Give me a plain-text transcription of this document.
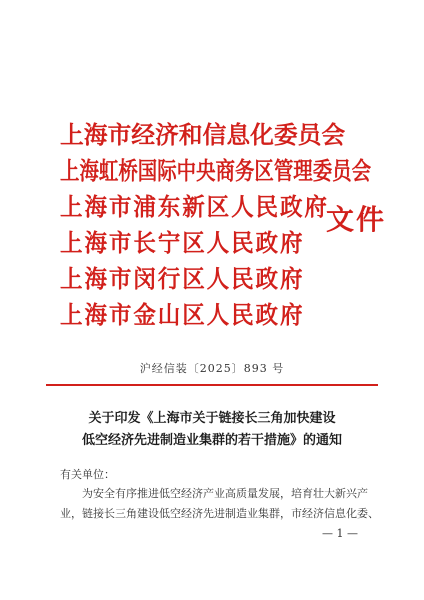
上海市经济和信息化委员会
上海虹桥国际中央商务区管理委员会
上海市浦东新区人民政府
上海市长宁区人民政府
上海市闵行区人民政府
上海市金山区人民政府
文件
沪经信装〔2025〕893 号
关于印发《上海市关于链接长三角加快建设
低空经济先进制造业集群的若干措施》的通知
有关单位：
为安全有序推进低空经济产业高质量发展，培育壮大新兴产
业，链接长三角建设低空经济先进制造业集群，市经济信息化委、
— 1 —
